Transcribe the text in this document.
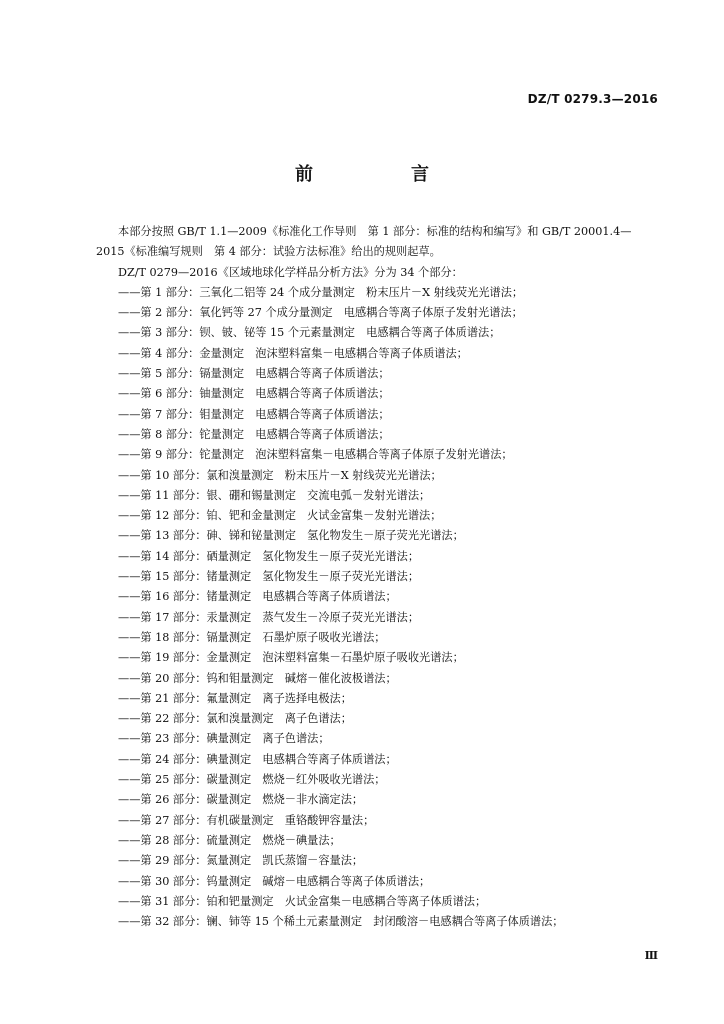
DZ/T 0279.3—2016
前　言
本部分按照 GB/T 1.1—2009《标准化工作导则　第 1 部分：标准的结构和编写》和 GB/T 20001.4—
2015《标准编写规则　第 4 部分：试验方法标准》给出的规则起草。
DZ/T 0279—2016《区域地球化学样品分析方法》分为 34 个部分：
——第 1 部分：三氧化二铝等 24 个成分量测定　粉末压片－X 射线荧光光谱法；
——第 2 部分：氧化钙等 27 个成分量测定　电感耦合等离子体原子发射光谱法；
——第 3 部分：钡、铍、铋等 15 个元素量测定　电感耦合等离子体质谱法；
——第 4 部分：金量测定　泡沫塑料富集－电感耦合等离子体质谱法；
——第 5 部分：镉量测定　电感耦合等离子体质谱法；
——第 6 部分：铀量测定　电感耦合等离子体质谱法；
——第 7 部分：钼量测定　电感耦合等离子体质谱法；
——第 8 部分：铊量测定　电感耦合等离子体质谱法；
——第 9 部分：铊量测定　泡沫塑料富集－电感耦合等离子体原子发射光谱法；
——第 10 部分：氯和溴量测定　粉末压片－X 射线荧光光谱法；
——第 11 部分：银、硼和锡量测定　交流电弧－发射光谱法；
——第 12 部分：铂、钯和金量测定　火试金富集－发射光谱法；
——第 13 部分：砷、锑和铋量测定　氢化物发生－原子荧光光谱法；
——第 14 部分：硒量测定　氢化物发生－原子荧光光谱法；
——第 15 部分：锗量测定　氢化物发生－原子荧光光谱法；
——第 16 部分：锗量测定　电感耦合等离子体质谱法；
——第 17 部分：汞量测定　蒸气发生－冷原子荧光光谱法；
——第 18 部分：镉量测定　石墨炉原子吸收光谱法；
——第 19 部分：金量测定　泡沫塑料富集－石墨炉原子吸收光谱法；
——第 20 部分：钨和钼量测定　碱熔－催化波极谱法；
——第 21 部分：氟量测定　离子选择电极法；
——第 22 部分：氯和溴量测定　离子色谱法；
——第 23 部分：碘量测定　离子色谱法；
——第 24 部分：碘量测定　电感耦合等离子体质谱法；
——第 25 部分：碳量测定　燃烧－红外吸收光谱法；
——第 26 部分：碳量测定　燃烧－非水滴定法；
——第 27 部分：有机碳量测定　重铬酸钾容量法；
——第 28 部分：硫量测定　燃烧－碘量法；
——第 29 部分：氮量测定　凯氏蒸馏－容量法；
——第 30 部分：钨量测定　碱熔－电感耦合等离子体质谱法；
——第 31 部分：铂和钯量测定　火试金富集－电感耦合等离子体质谱法；
——第 32 部分：镧、铈等 15 个稀土元素量测定　封闭酸溶－电感耦合等离子体质谱法；
Ⅲ
